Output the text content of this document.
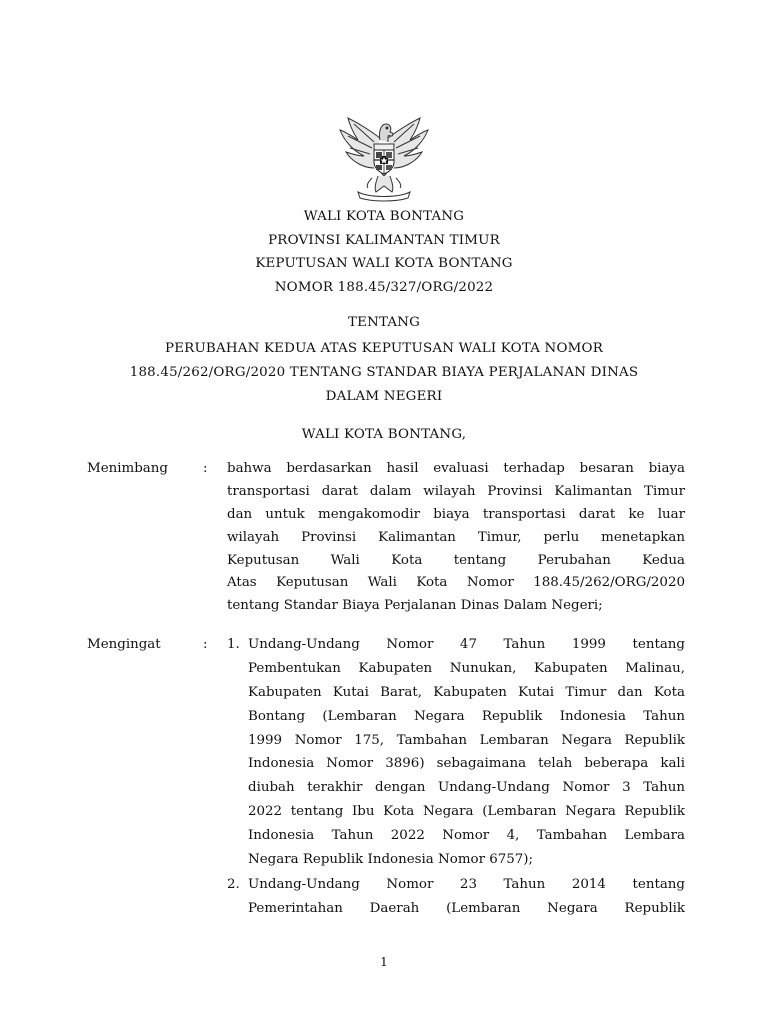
WALI KOTA BONTANG
PROVINSI KALIMANTAN TIMUR
KEPUTUSAN WALI KOTA BONTANG
NOMOR 188.45/327/ORG/2022
TENTANG
PERUBAHAN KEDUA ATAS KEPUTUSAN WALI KOTA NOMOR
188.45/262/ORG/2020 TENTANG STANDAR BIAYA PERJALANAN DINAS
DALAM NEGERI
WALI KOTA BONTANG,
Menimbang	: bahwa berdasarkan hasil evaluasi terhadap besaran biaya
transportasi darat dalam wilayah Provinsi Kalimantan Timur
dan untuk mengakomodir biaya transportasi darat ke luar
wilayah Provinsi Kalimantan Timur, perlu menetapkan
Keputusan Wali Kota tentang Perubahan Kedua
Atas Keputusan Wali Kota Nomor 188.45/262/ORG/2020
tentang Standar Biaya Perjalanan Dinas Dalam Negeri;
Mengingat	: 1. Undang-Undang Nomor 47 Tahun 1999 tentang
Pembentukan Kabupaten Nunukan, Kabupaten Malinau,
Kabupaten Kutai Barat, Kabupaten Kutai Timur dan Kota
Bontang (Lembaran Negara Republik Indonesia Tahun
1999 Nomor 175, Tambahan Lembaran Negara Republik
Indonesia Nomor 3896) sebagaimana telah beberapa kali
diubah terakhir dengan Undang-Undang Nomor 3 Tahun
2022 tentang Ibu Kota Negara (Lembaran Negara Republik
Indonesia Tahun 2022 Nomor 4, Tambahan Lembara
Negara Republik Indonesia Nomor 6757);
2. Undang-Undang Nomor 23 Tahun 2014 tentang
Pemerintahan Daerah (Lembaran Negara Republik
1
